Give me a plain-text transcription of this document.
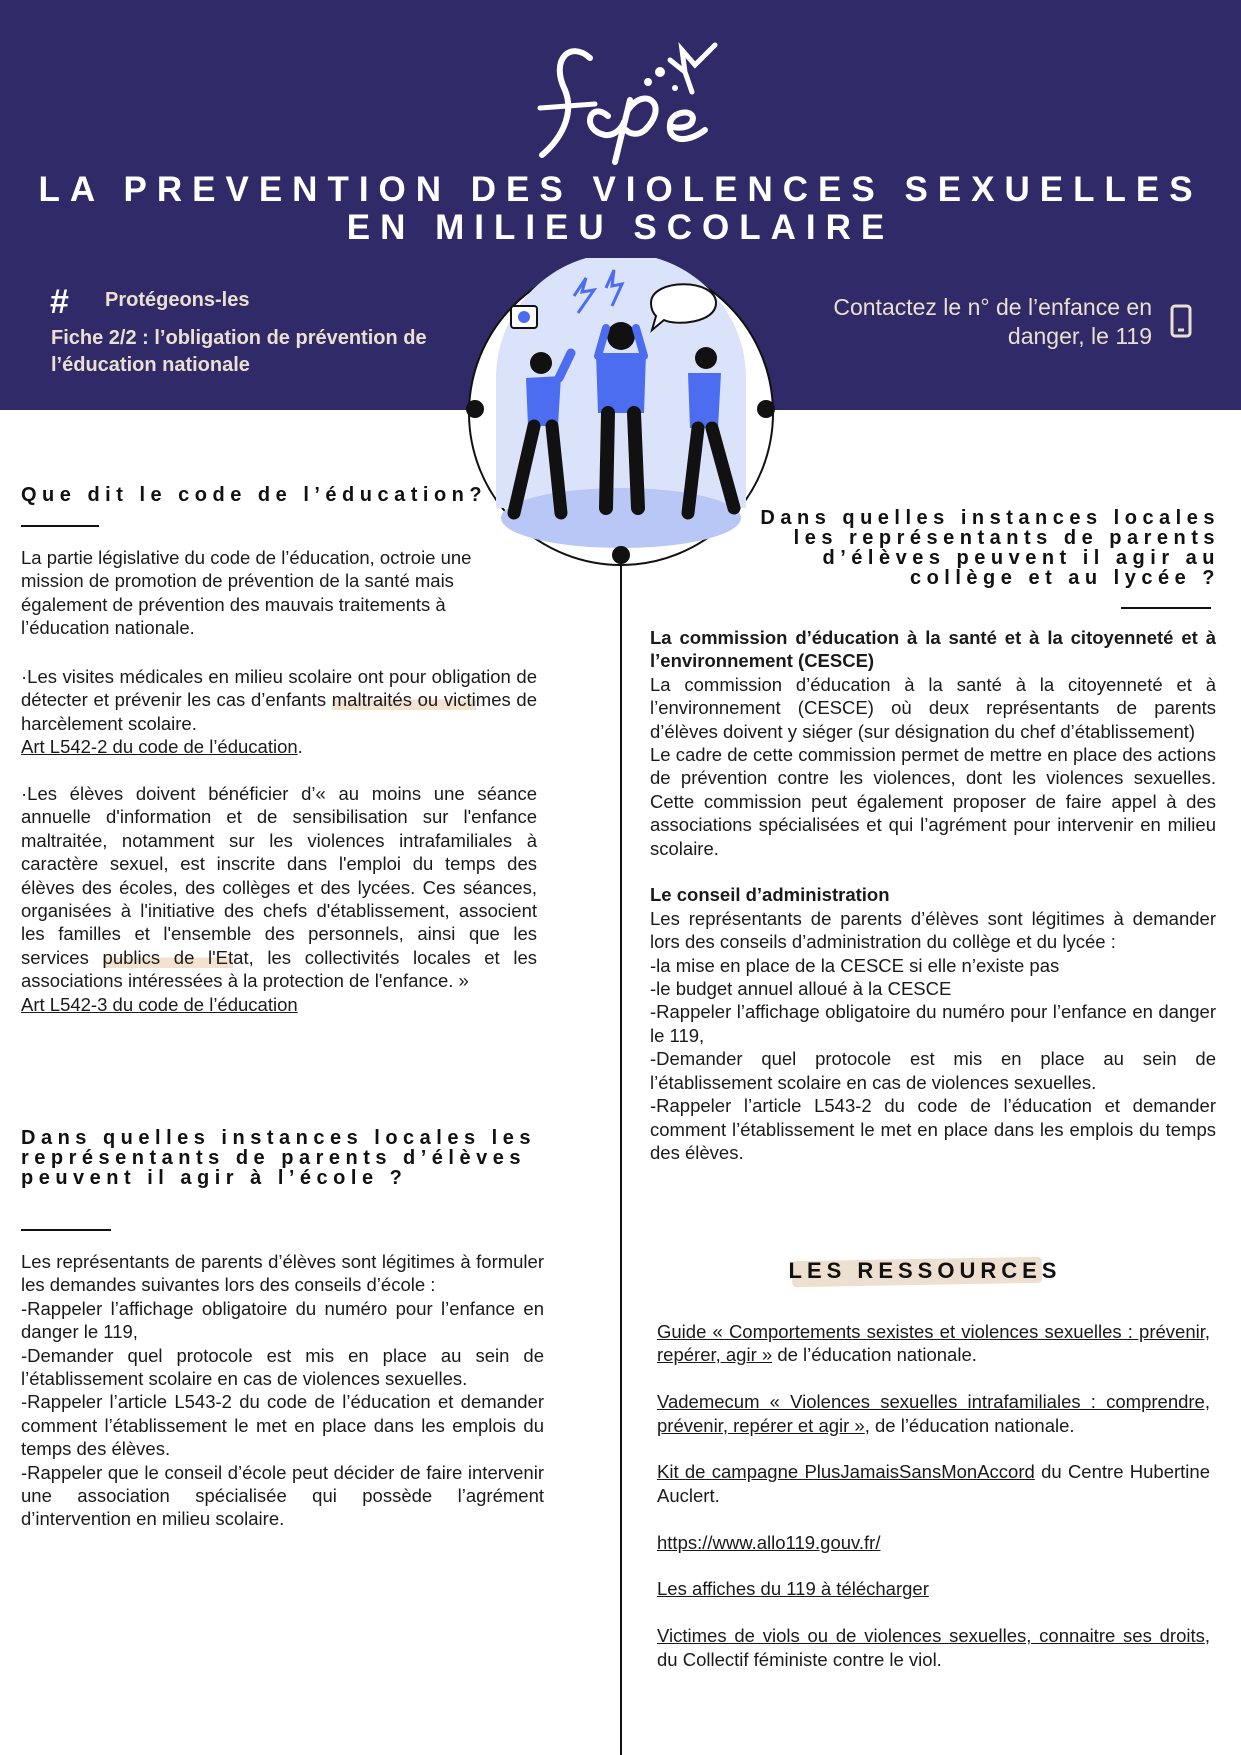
LA PREVENTION DES VIOLENCES SEXUELLES
EN MILIEU SCOLAIRE
# Protégeons-les
Fiche 2/2 : l’obligation de prévention de l’éducation nationale
Contactez le n° de l’enfance en danger, le 119
Que dit le code de l’éducation?
La partie législative du code de l’éducation, octroie une mission de promotion de prévention de la santé mais également de prévention des mauvais traitements à l’éducation nationale.
·Les visites médicales en milieu scolaire ont pour obligation de détecter et prévenir les cas d’enfants maltraités ou victimes de harcèlement scolaire.
Art L542-2 du code de l’éducation.
·Les élèves doivent bénéficier d’« au moins une séance annuelle d'information et de sensibilisation sur l'enfance maltraitée, notamment sur les violences intrafamiliales à caractère sexuel, est inscrite dans l'emploi du temps des élèves des écoles, des collèges et des lycées. Ces séances, organisées à l'initiative des chefs d'établissement, associent les familles et l'ensemble des personnels, ainsi que les services publics de l'Etat, les collectivités locales et les associations intéressées à la protection de l'enfance. »
Art L542-3 du code de l’éducation
Dans quelles instances locales les représentants de parents d’élèves peuvent il agir à l’école ?

Les représentants de parents d’élèves sont légitimes à formuler les demandes suivantes lors des conseils d’école :

-Rappeler l’affichage obligatoire du numéro pour l’enfance en danger le 119,

-Demander quel protocole est mis en place au sein de l’établissement scolaire en cas de violences sexuelles.

-Rappeler l’article L543-2 du code de l’éducation et demander comment l’établissement le met en place dans les emplois du temps des élèves.

-Rappeler que le conseil d’école peut décider de faire intervenir une association spécialisée qui possède l’agrément d’intervention en milieu scolaire.

Dans quelles instances locales les représentants de parents d’élèves peuvent il agir au collège et au lycée ?

La commission d’éducation à la santé et à la citoyenneté et à l’environnement (CESCE)

La commission d’éducation à la santé à la citoyenneté et à l’environnement (CESCE) où deux représentants de parents d’élèves doivent y siéger (sur désignation du chef d’établissement)

Le cadre de cette commission permet de mettre en place des actions de prévention contre les violences, dont les violences sexuelles. Cette commission peut également proposer de faire appel à des associations spécialisées et qui l’agrément pour intervenir en milieu scolaire.

Le conseil d’administration

Les représentants de parents d’élèves sont légitimes à demander lors des conseils d’administration du collège et du lycée :

-la mise en place de la CESCE si elle n’existe pas

-le budget annuel alloué à la CESCE

-Rappeler l’affichage obligatoire du numéro pour l’enfance en danger le 119,

-Demander quel protocole est mis en place au sein de l’établissement scolaire en cas de violences sexuelles.

-Rappeler l’article L543-2 du code de l’éducation et demander comment l’établissement le met en place dans les emplois du temps des élèves.

LES RESSOURCES
Guide « Comportements sexistes et violences sexuelles : prévenir, repérer, agir » de l’éducation nationale.
Vademecum « Violences sexuelles intrafamiliales : comprendre, prévenir, repérer et agir », de l’éducation nationale.
Kit de campagne PlusJamaisSansMonAccord du Centre Hubertine Auclert.
https://www.allo119.gouv.fr/
Les affiches du 119 à télécharger
Victimes de viols ou de violences sexuelles, connaitre ses droits, du Collectif féministe contre le viol.
